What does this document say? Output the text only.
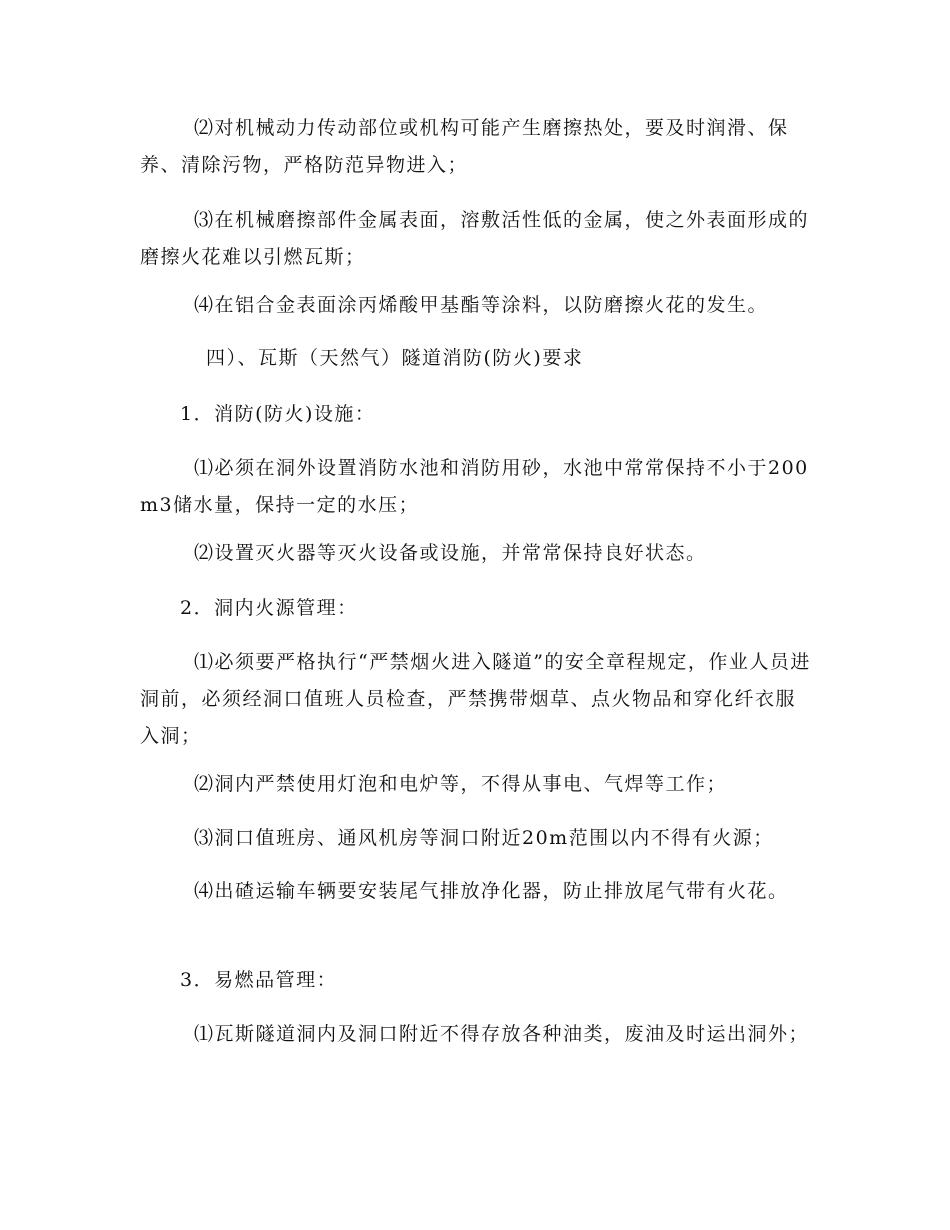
⑵对机械动力传动部位或机构可能产生磨擦热处，要及时润滑、保养、清除污物，严格防范异物进入；

⑶在机械磨擦部件金属表面，溶敷活性低的金属，使之外表面形成的磨擦火花难以引燃瓦斯；

⑷在铝合金表面涂丙烯酸甲基酯等涂料，以防磨擦火花的发生。

四）、瓦斯（天然气）隧道消防(防火)要求

1．消防(防火)设施：

⑴必须在洞外设置消防水池和消防用砂，水池中常常保持不小于200m3储水量，保持一定的水压；

⑵设置灭火器等灭火设备或设施，并常常保持良好状态。

2．洞内火源管理：

⑴必须要严格执行“严禁烟火进入隧道”的安全章程规定，作业人员进洞前，必须经洞口值班人员检查，严禁携带烟草、点火物品和穿化纤衣服入洞；

⑵洞内严禁使用灯泡和电炉等，不得从事电、气焊等工作；

⑶洞口值班房、通风机房等洞口附近20m范围以内不得有火源；

⑷出碴运输车辆要安装尾气排放净化器，防止排放尾气带有火花。

3．易燃品管理：

⑴瓦斯隧道洞内及洞口附近不得存放各种油类，废油及时运出洞外；
